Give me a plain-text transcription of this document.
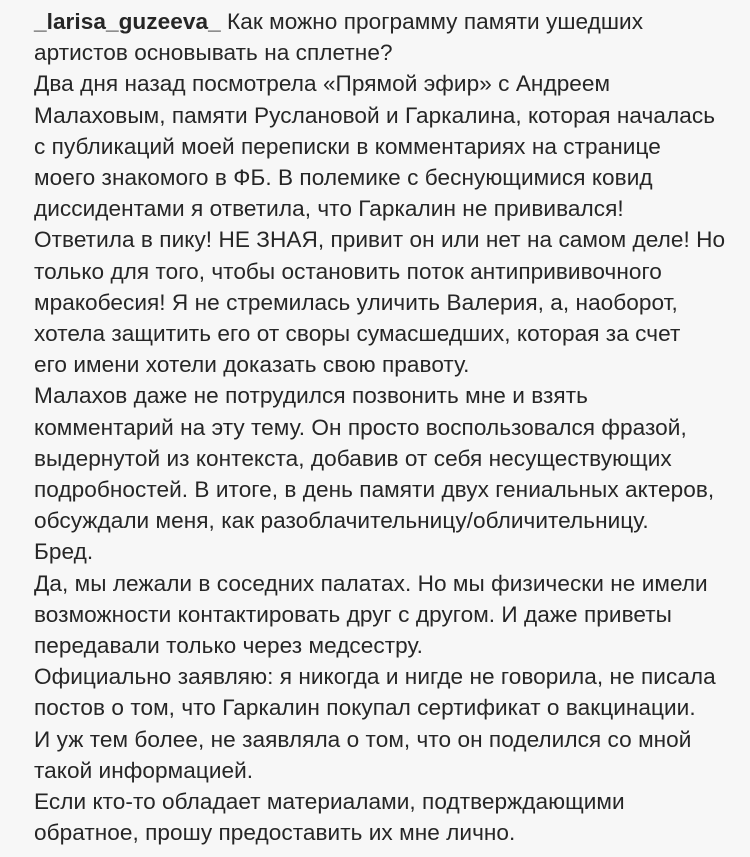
_larisa_guzeeva_ Как можно программу памяти ушедших
артистов основывать на сплетне?
Два дня назад посмотрела «Прямой эфир» с Андреем
Малаховым, памяти Руслановой и Гаркалина, которая началась
с публикаций моей переписки в комментариях на странице
моего знакомого в ФБ. В полемике с беснующимися ковид
диссидентами я ответила, что Гаркалин не прививался!
Ответила в пику! НЕ ЗНАЯ, привит он или нет на самом деле! Но
только для того, чтобы остановить поток антипрививочного
мракобесия! Я не стремилась уличить Валерия, а, наоборот,
хотела защитить его от своры сумасшедших, которая за счет
его имени хотели доказать свою правоту.
Малахов даже не потрудился позвонить мне и взять
комментарий на эту тему. Он просто воспользовался фразой,
выдернутой из контекста, добавив от себя несуществующих
подробностей. В итоге, в день памяти двух гениальных актеров,
обсуждали меня, как разоблачительницу/обличительницу.
Бред.
Да, мы лежали в соседних палатах. Но мы физически не имели
возможности контактировать друг с другом. И даже приветы
передавали только через медсестру.
Официально заявляю: я никогда и нигде не говорила, не писала
постов о том, что Гаркалин покупал сертификат о вакцинации.
И уж тем более, не заявляла о том, что он поделился со мной
такой информацией.
Если кто-то обладает материалами, подтверждающими
обратное, прошу предоставить их мне лично.
